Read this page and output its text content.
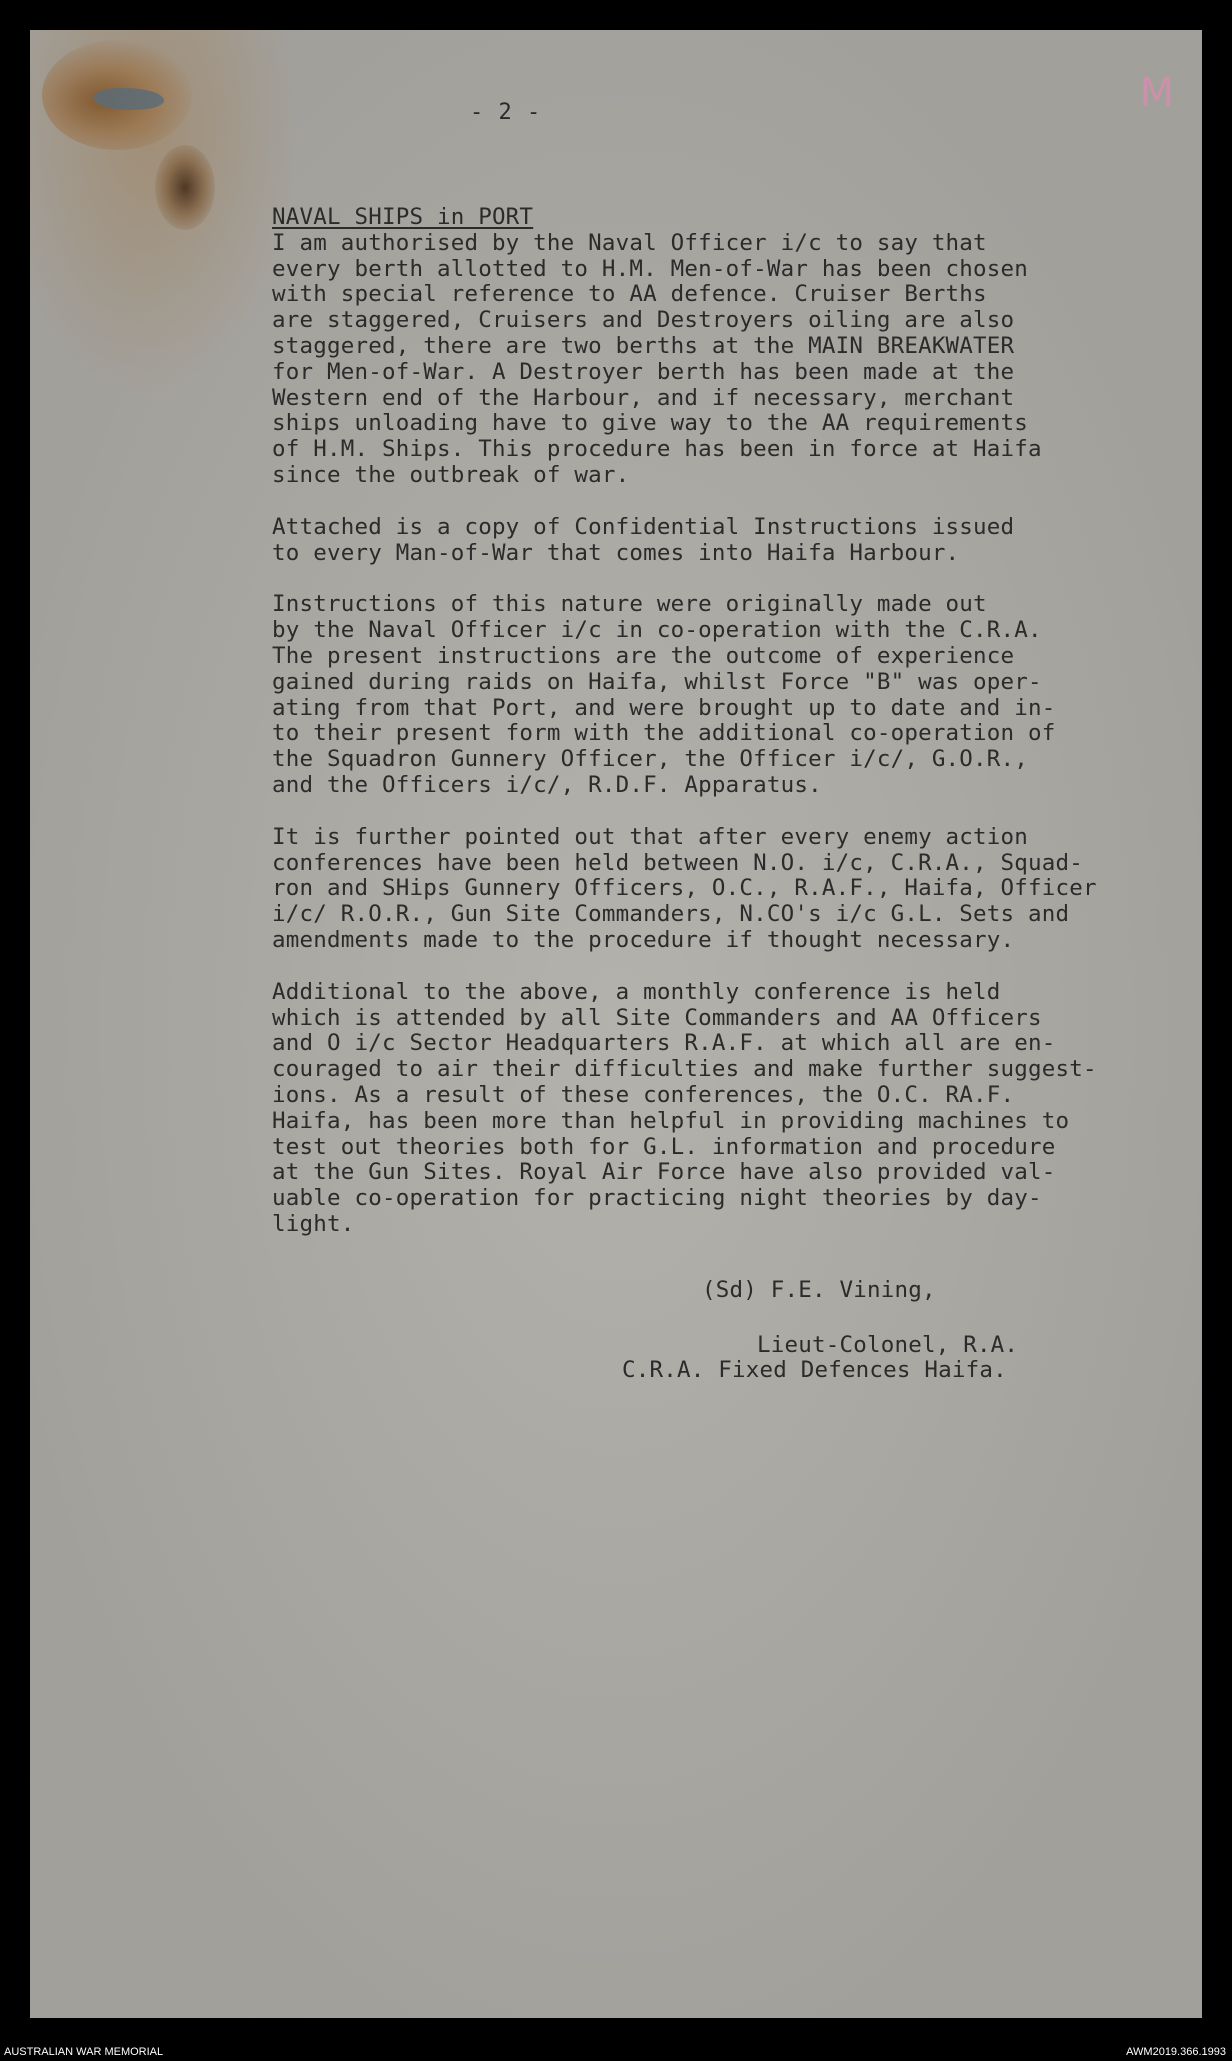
M
- 2 -
NAVAL SHIPS in PORT
I am authorised by the Naval Officer i/c to say that
every berth allotted to H.M. Men-of-War has been chosen
with special reference to AA defence. Cruiser Berths
are staggered, Cruisers and Destroyers oiling are also
staggered, there are two berths at the MAIN BREAKWATER
for Men-of-War. A Destroyer berth has been made at the
Western end of the Harbour, and if necessary, merchant
ships unloading have to give way to the AA requirements
of H.M. Ships. This procedure has been in force at Haifa
since the outbreak of war.
Attached is a copy of Confidential Instructions issued
to every Man-of-War that comes into Haifa Harbour.
Instructions of this nature were originally made out
by the Naval Officer i/c in co-operation with the C.R.A.
The present instructions are the outcome of experience
gained during raids on Haifa, whilst Force "B" was oper-
ating from that Port, and were brought up to date and in-
to their present form with the additional co-operation of
the Squadron Gunnery Officer, the Officer i/c/, G.O.R.,
and the Officers i/c/, R.D.F. Apparatus.
It is further pointed out that after every enemy action
conferences have been held between N.O. i/c, C.R.A., Squad-
ron and SHips Gunnery Officers, O.C., R.A.F., Haifa, Officer
i/c/ R.O.R., Gun Site Commanders, N.CO's i/c G.L. Sets and
amendments made to the procedure if thought necessary.
Additional to the above, a monthly conference is held
which is attended by all Site Commanders and AA Officers
and O i/c Sector Headquarters R.A.F. at which all are en-
couraged to air their difficulties and make further suggest-
ions. As a result of these conferences, the O.C. RA.F.
Haifa, has been more than helpful in providing machines to
test out theories both for G.L. information and procedure
at the Gun Sites. Royal Air Force have also provided val-
uable co-operation for practicing night theories by day-
light.
(Sd) F.E. Vining,
Lieut-Colonel, R.A.
C.R.A. Fixed Defences Haifa.
AUSTRALIAN WAR MEMORIAL	AWM2019.366.1993
